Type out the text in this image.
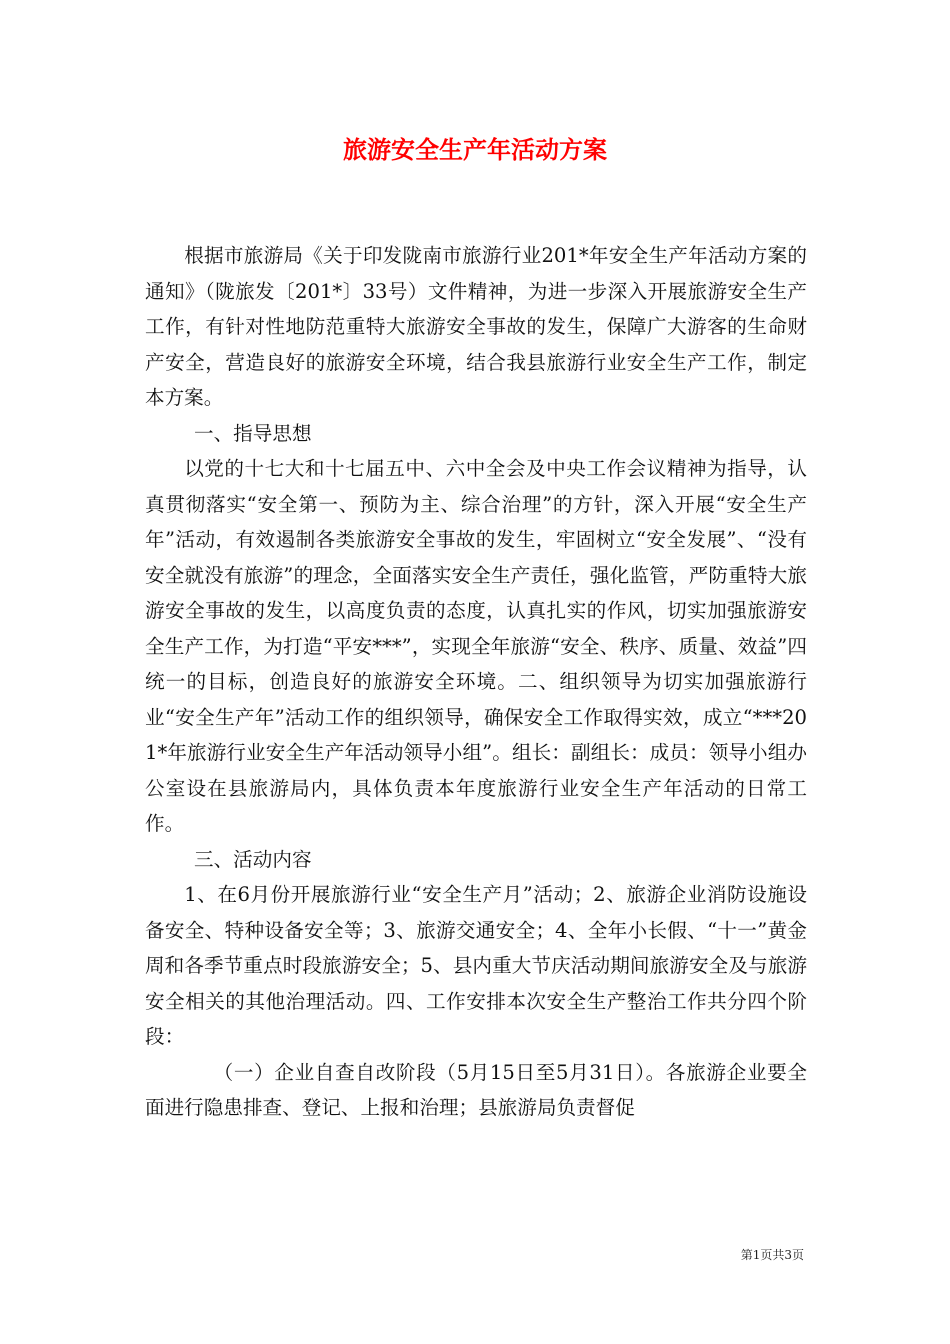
旅游安全生产年活动方案

根据市旅游局《关于印发陇南市旅游行业201*年安全生产年活动方案的通知》（陇旅发〔201*〕33号）文件精神，为进一步深入开展旅游安全生产工作，有针对性地防范重特大旅游安全事故的发生，保障广大游客的生命财产安全，营造良好的旅游安全环境，结合我县旅游行业安全生产工作，制定本方案。

一、指导思想

以党的十七大和十七届五中、六中全会及中央工作会议精神为指导，认真贯彻落实“安全第一、预防为主、综合治理”的方针，深入开展“安全生产年”活动，有效遏制各类旅游安全事故的发生，牢固树立“安全发展”、“没有安全就没有旅游”的理念，全面落实安全生产责任，强化监管，严防重特大旅游安全事故的发生，以高度负责的态度，认真扎实的作风，切实加强旅游安全生产工作，为打造“平安***”，实现全年旅游“安全、秩序、质量、效益”四统一的目标，创造良好的旅游安全环境。二、组织领导为切实加强旅游行业“安全生产年”活动工作的组织领导，确保安全工作取得实效，成立“***201*年旅游行业安全生产年活动领导小组”。组长：副组长：成员：领导小组办公室设在县旅游局内，具体负责本年度旅游行业安全生产年活动的日常工作。

三、活动内容

1、在6月份开展旅游行业“安全生产月”活动；2、旅游企业消防设施设备安全、特种设备安全等；3、旅游交通安全；4、全年小长假、“十一”黄金周和各季节重点时段旅游安全；5、县内重大节庆活动期间旅游安全及与旅游安全相关的其他治理活动。四、工作安排本次安全生产整治工作共分四个阶段：

（一）企业自查自改阶段（5月15日至5月31日）。各旅游企业要全面进行隐患排查、登记、上报和治理；县旅游局负责督促

第1页共3页
